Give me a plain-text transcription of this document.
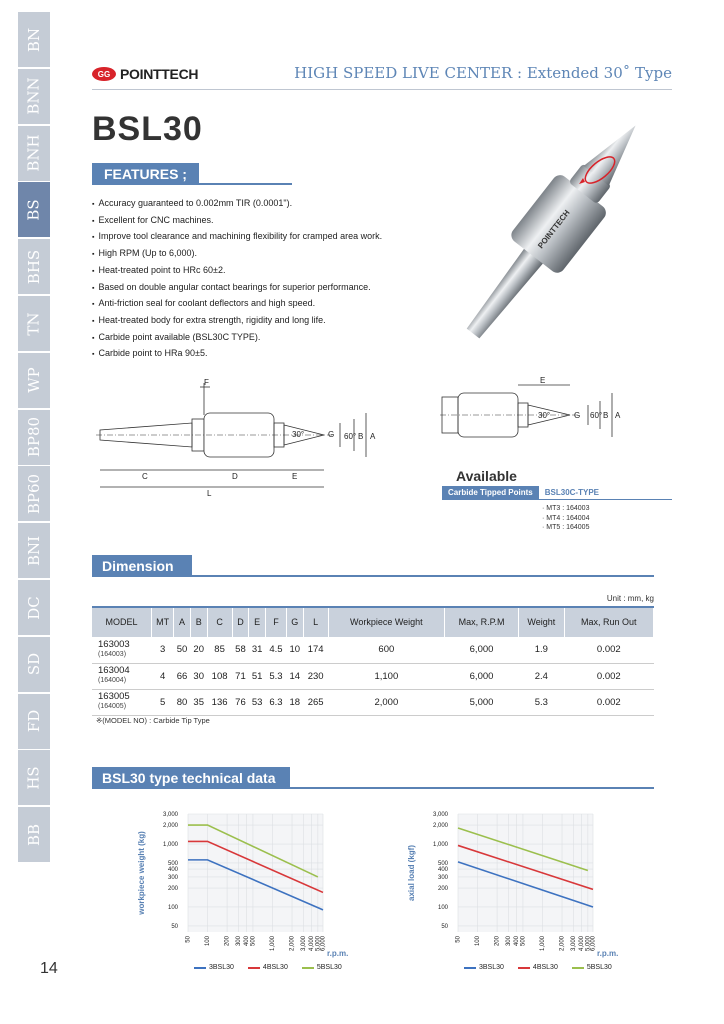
BN
BNN
BNH
BS
BHS
TN
WP
BP80
BP60
BNI
DC
SD
FD
HS
BB
14
GG POINTTECH	HIGH SPEED LIVE CENTER : Extended 30˚ Type
BSL30
FEATURES ;
▪ Accuracy guaranteed to 0.002mm TIR (0.0001").
▪ Excellent for CNC machines.
▪ Improve tool clearance and machining flexibility for cramped area work.
▪ High RPM (Up to 6,000).
▪ Heat-treated point to HRc 60±2.
▪ Based on double angular contact bearings for superior performance.
▪ Anti-friction seal for coolant deflectors and high speed.
▪ Heat-treated body for extra strength, rigidity and long life.
▪ Carbide point available (BSL30C TYPE).
▪ Carbide point to HRa 90±5.
POINTTECH
F
C	D	E
L
30°	G 60° B A
E
30°	G 60° B A
Available
Carbide Tipped Points	BSL30C-TYPE
· MT3 : 164003
· MT4 : 164004
· MT5 : 164005
Dimension
Unit : mm, kg
MODEL	MT	A	B	C	D	E	F	G	L	Workpiece Weight	Max, R.P.M	Weight	Max, Run Out

163003
(164003)	3	50	20	85	58	31	4.5	10	174	600	6,000	1.9	0.002

163004
(164004)	4	66	30	108	71	51	5.3	14	230	1,100	6,000	2.4	0.002

163005
(164005)	5	80	35	136	76	53	6.3	18	265	2,000	5,000	5.3	0.002
※(MODEL NO) : Carbide Tip Type
BSL30 type technical data
50 100 200 300 400 500 1,000 2,000 3,000 4,000 5,000 6,000
3,000
2,000
1,000
500
400
300
200
100
50
workpiece weight (kg)
r.p.m.
50 100 200 300 400 500 1,000 2,000 3,000 4,000 5,000 6,000
3,000
2,000
1,000
500
400
300
200
100
50
axial load (kgf)
r.p.m.
3BSL30	4BSL30	5BSL30	3BSL30	4BSL30	5BSL30
